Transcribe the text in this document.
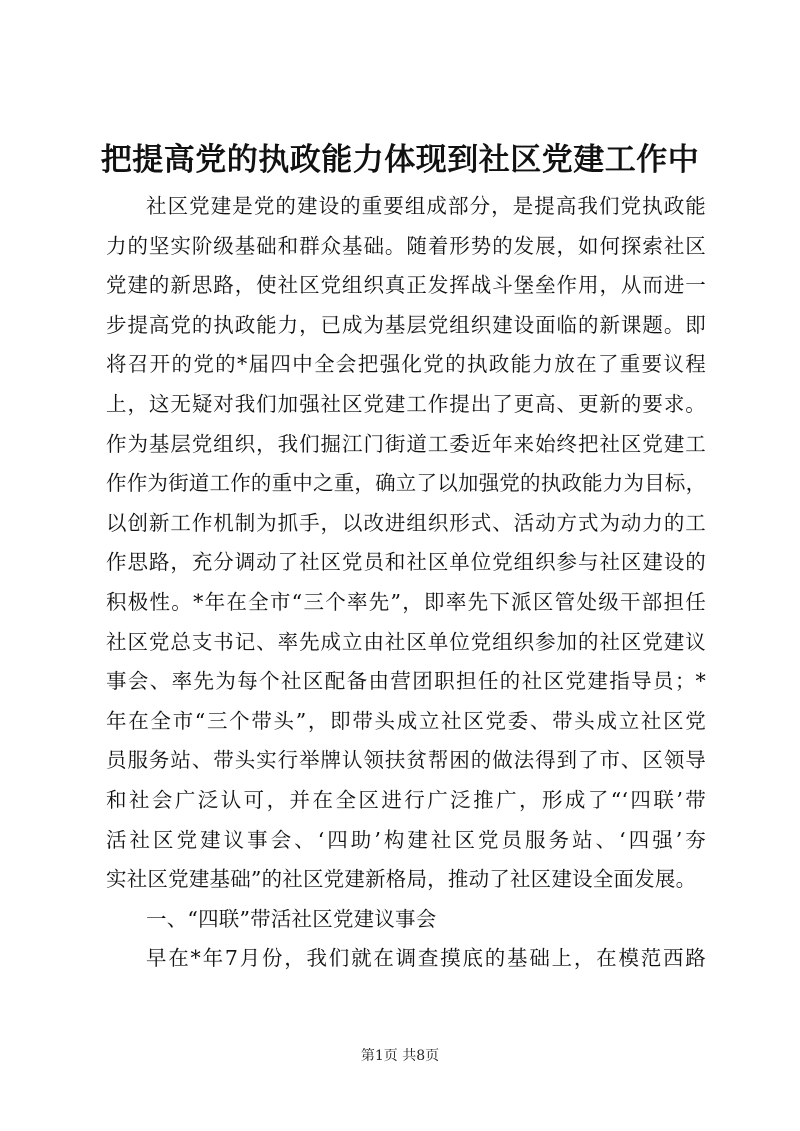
把提高党的执政能力体现到社区党建工作中
社区党建是党的建设的重要组成部分，是提高我们党执政能
力的坚实阶级基础和群众基础。随着形势的发展，如何探索社区
党建的新思路，使社区党组织真正发挥战斗堡垒作用，从而进一
步提高党的执政能力，已成为基层党组织建设面临的新课题。即
将召开的党的*届四中全会把强化党的执政能力放在了重要议程
上，这无疑对我们加强社区党建工作提出了更高、更新的要求。
作为基层党组织，我们掘江门街道工委近年来始终把社区党建工
作作为街道工作的重中之重，确立了以加强党的执政能力为目标，
以创新工作机制为抓手，以改进组织形式、活动方式为动力的工
作思路，充分调动了社区党员和社区单位党组织参与社区建设的
积极性。*年在全市“三个率先”，即率先下派区管处级干部担任
社区党总支书记、率先成立由社区单位党组织参加的社区党建议
事会、率先为每个社区配备由营团职担任的社区党建指导员；*
年在全市“三个带头”，即带头成立社区党委、带头成立社区党
员服务站、带头实行举牌认领扶贫帮困的做法得到了市、区领导
和社会广泛认可，并在全区进行广泛推广，形成了“‘四联’带
活社区党建议事会、‘四助’构建社区党员服务站、‘四强’夯
实社区党建基础”的社区党建新格局，推动了社区建设全面发展。
一、“四联”带活社区党建议事会
早在*年7月份，我们就在调查摸底的基础上，在模范西路
第1页 共8页
